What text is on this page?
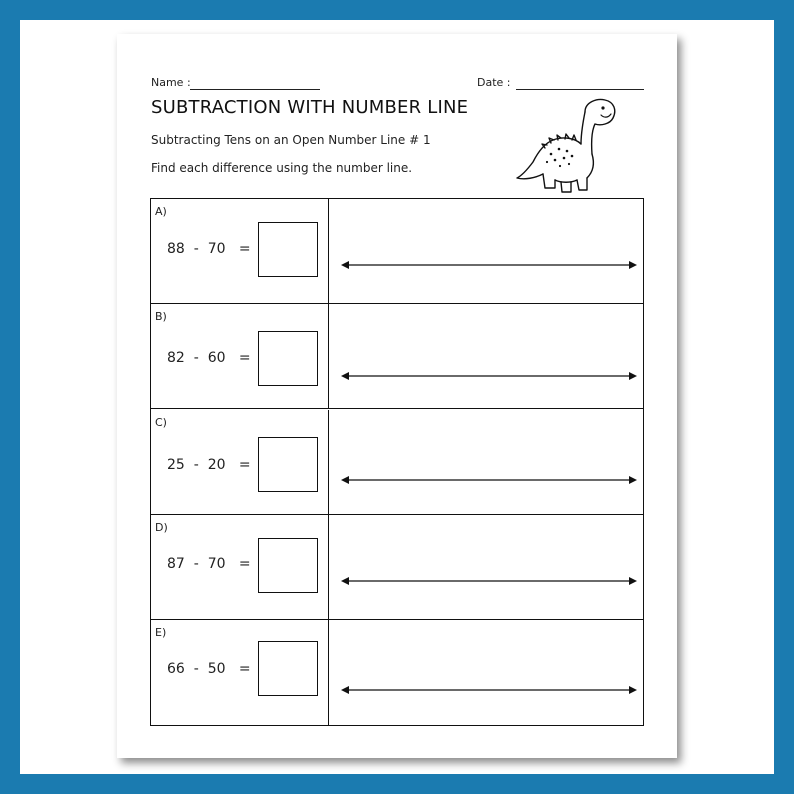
Name :	Date :
SUBTRACTION WITH NUMBER LINE
Subtracting Tens on an Open Number Line # 1
Find each difference using the number line.
A)
88 - 70 =
B)
82 - 60 =
C)
25 - 20 =
D)
87 - 70 =
E)
66 - 50 =
